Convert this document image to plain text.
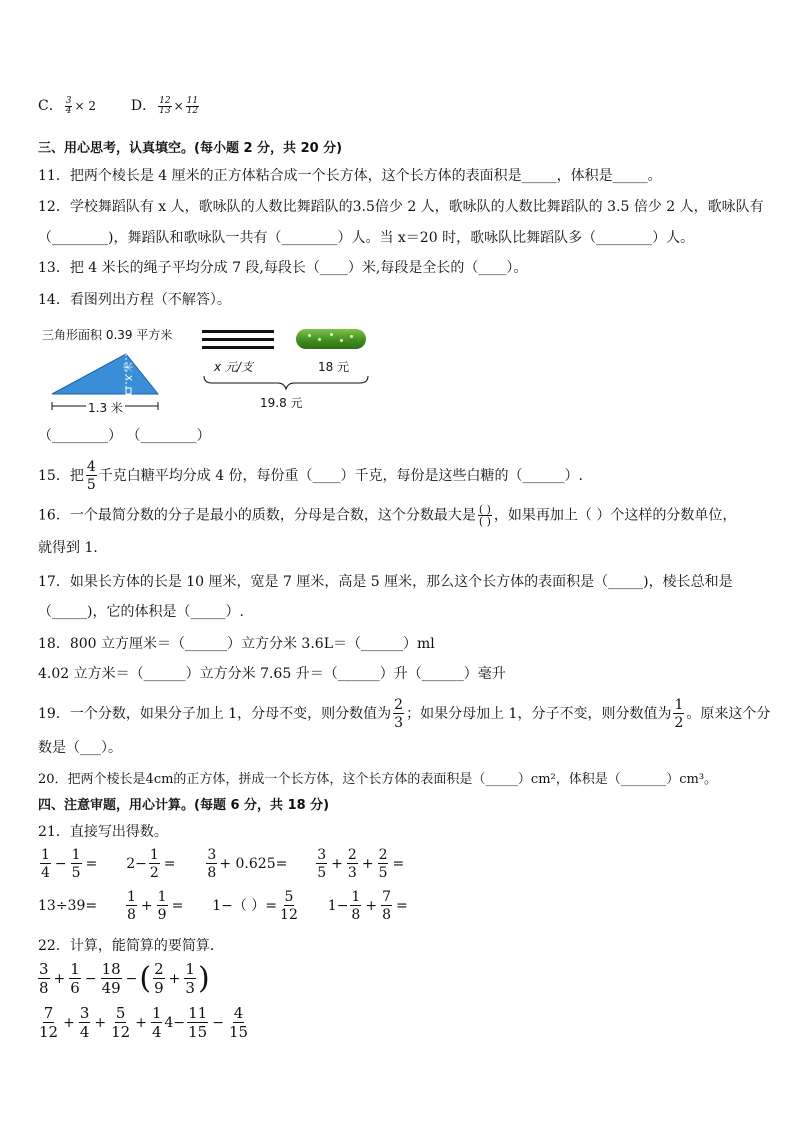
C． $\frac{3}{4} \times 2$ D． $\frac{12}{13} \times \frac{11}{12}$
三、用心思考，认真填空。(每小题 2 分，共 20 分)
11．把两个棱长是 4 厘米的正方体粘合成一个长方体，这个长方体的表面积是_____，体积是_____。
12．学校舞蹈队有 x 人，歌咏队的人数比舞蹈队的3.5倍少 2 人，歌咏队的人数比舞蹈队的 3.5 倍少 2 人，歌咏队有
（________)，舞蹈队和歌咏队一共有（________）人。当 x＝20 时，歌咏队比舞蹈队多（________）人。
13．把 4 米长的绳子平均分成 7 段,每段长（____）米,每段是全长的（____）。
14．看图列出方程（不解答）。
三角形面积 0.39 平方米
x 米
1.3 米
x 元/支	18 元
19.8 元
（________） （________）
15．把 $\frac{4}{5}$ 千克白糖平均分成 4 份，每份重（____）千克，每份是这些白糖的（______）.
16．一个最简分数的分子是最小的质数，分母是合数，这个分数最大是 $\frac{( )}{( )}$ ，如果再加上（ ）个这样的分数单位，
就得到 1．
17．如果长方体的长是 10 厘米，宽是 7 厘米，高是 5 厘米，那么这个长方体的表面积是（_____)，棱长总和是
（_____)，它的体积是（_____）.
18．800 立方厘米＝（______）立方分米 3.6L＝（______）ml
4.02 立方米＝（______）立方分米 7.65 升＝（______）升（______）毫升
19．一个分数，如果分子加上 1，分母不变，则分数值为 $\frac{2}{3}$ ；如果分母加上 1，分子不变，则分数值为 $\frac{1}{2}$ 。原来这个分
数是（___）。
20．把两个棱长是4cm的正方体，拼成一个长方体，这个长方体的表面积是（_____）cm²，体积是（_______）cm³。
四、注意审题，用心计算。(每题 6 分，共 18 分)
21．直接写出得数。
$\frac{1}{4} - \frac{1}{5} = 2- \frac{1}{2} = \frac{3}{8} + 0.625= \frac{3}{5} + \frac{2}{3} + \frac{2}{5}$ =
$13\div 39= \frac{1}{8} + \frac{1}{9} = 1-$（ ）= $\frac{5}{12} 1- \frac{1}{8} + \frac{7}{8}$ =
22．计算，能简算的要简算．
$\frac{3}{8} + \frac{1}{6} - \frac{18}{49}$ −( $\frac{2}{9} + \frac{1}{3}$ )
$\frac{7}{12} + \frac{3}{4} + \frac{5}{12} + \frac{1}{4} 4- \frac{11}{15} - \frac{4}{15}$
